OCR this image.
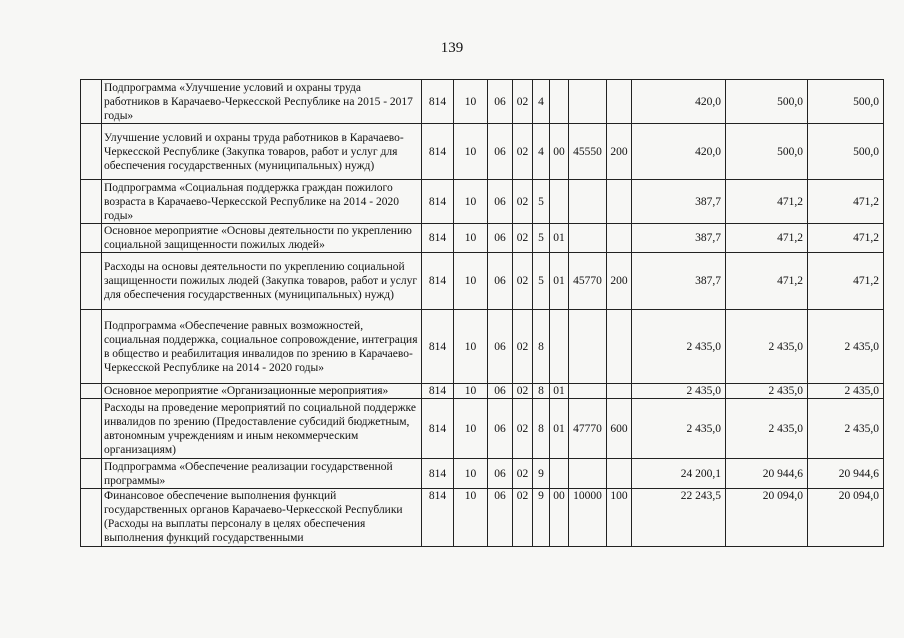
139
	Подпрограмма «Улучшение условий и охраны труда работников в Карачаево-Черкесской Республике на 2015 - 2017 годы»	814	10	06	02	4				420,0	500,0	500,0
	Улучшение условий и охраны труда работников в Карачаево-Черкесской Республике (Закупка товаров, работ и услуг для обеспечения государственных (муниципальных) нужд)	814	10	06	02	4	00	45550	200	420,0	500,0	500,0
	Подпрограмма «Социальная поддержка граждан пожилого возраста в Карачаево-Черкесской Республике на 2014 - 2020 годы»	814	10	06	02	5				387,7	471,2	471,2
	Основное мероприятие «Основы деятельности по укреплению социальной защищенности пожилых людей»	814	10	06	02	5	01			387,7	471,2	471,2
	Расходы на основы деятельности по укреплению социальной защищенности пожилых людей (Закупка товаров, работ и услуг для обеспечения государственных (муниципальных) нужд)	814	10	06	02	5	01	45770	200	387,7	471,2	471,2
	Подпрограмма «Обеспечение равных возможностей, социальная поддержка, социальное сопровождение, интеграция в общество и реабилитация инвалидов по зрению в Карачаево-Черкесской Республике на 2014 - 2020 годы»	814	10	06	02	8				2 435,0	2 435,0	2 435,0
	Основное мероприятие «Организационные мероприятия»	814	10	06	02	8	01			2 435,0	2 435,0	2 435,0
	Расходы на проведение мероприятий по социальной поддержке инвалидов по зрению (Предоставление субсидий бюджетным, автономным учреждениям и иным некоммерческим организациям)	814	10	06	02	8	01	47770	600	2 435,0	2 435,0	2 435,0
	Подпрограмма «Обеспечение реализации государственной программы»	814	10	06	02	9				24 200,1	20 944,6	20 944,6
	Финансовое обеспечение выполнения функций государственных органов Карачаево-Черкесской Республики (Расходы на выплаты персоналу в целях обеспечения выполнения функций государственными	814	10	06	02	9	00	10000	100	22 243,5	20 094,0	20 094,0
